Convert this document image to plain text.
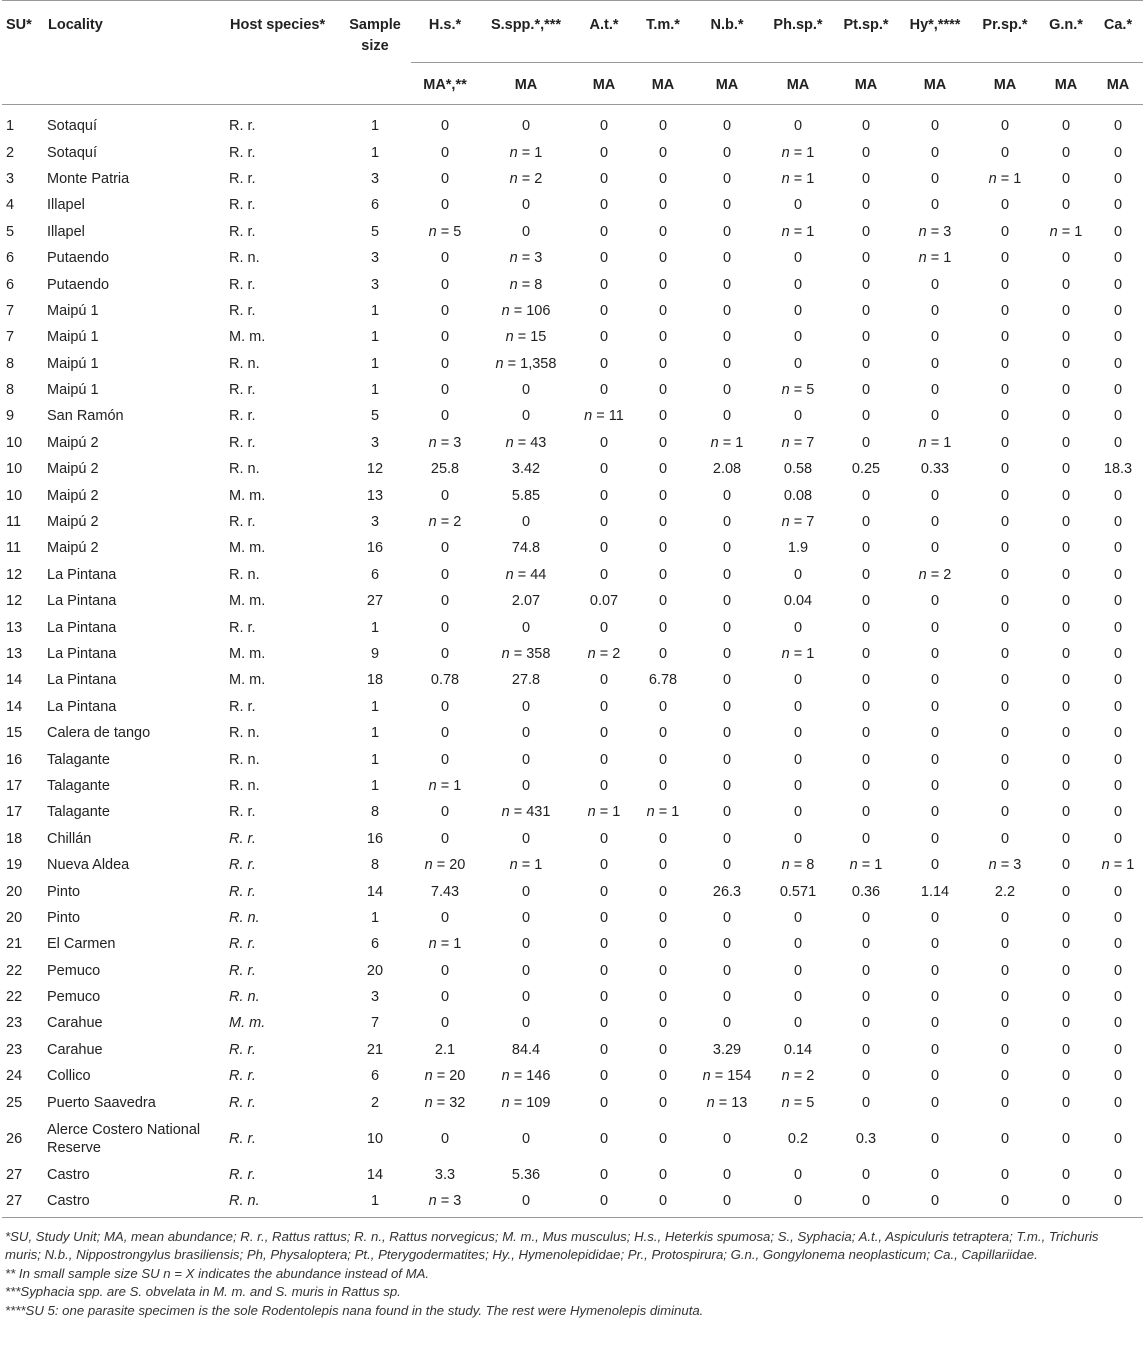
SU*	Locality	Host species*	Sample size	H.s.*	S.spp.*,***	A.t.*	T.m.*	N.b.*	Ph.sp.*	Pt.sp.*	Hy*,****	Pr.sp.*	G.n.*	Ca.*
				MA*,**	MA	MA	MA	MA	MA	MA	MA	MA	MA	MA
1	Sotaquí	R. r.	1	0	0	0	0	0	0	0	0	0	0	0
2	Sotaquí	R. r.	1	0	n = 1	0	0	0	n = 1	0	0	0	0	0
3	Monte Patria	R. r.	3	0	n = 2	0	0	0	n = 1	0	0	n = 1	0	0
4	Illapel	R. r.	6	0	0	0	0	0	0	0	0	0	0	0
5	Illapel	R. r.	5	n = 5	0	0	0	0	n = 1	0	n = 3	0	n = 1	0
6	Putaendo	R. n.	3	0	n = 3	0	0	0	0	0	n = 1	0	0	0
6	Putaendo	R. r.	3	0	n = 8	0	0	0	0	0	0	0	0	0
7	Maipú 1	R. r.	1	0	n = 106	0	0	0	0	0	0	0	0	0
7	Maipú 1	M. m.	1	0	n = 15	0	0	0	0	0	0	0	0	0
8	Maipú 1	R. n.	1	0	n = 1,358	0	0	0	0	0	0	0	0	0
8	Maipú 1	R. r.	1	0	0	0	0	0	n = 5	0	0	0	0	0
9	San Ramón	R. r.	5	0	0	n = 11	0	0	0	0	0	0	0	0
10	Maipú 2	R. r.	3	n = 3	n = 43	0	0	n = 1	n = 7	0	n = 1	0	0	0
10	Maipú 2	R. n.	12	25.8	3.42	0	0	2.08	0.58	0.25	0.33	0	0	18.3
10	Maipú 2	M. m.	13	0	5.85	0	0	0	0.08	0	0	0	0	0
11	Maipú 2	R. r.	3	n = 2	0	0	0	0	n = 7	0	0	0	0	0
11	Maipú 2	M. m.	16	0	74.8	0	0	0	1.9	0	0	0	0	0
12	La Pintana	R. n.	6	0	n = 44	0	0	0	0	0	n = 2	0	0	0
12	La Pintana	M. m.	27	0	2.07	0.07	0	0	0.04	0	0	0	0	0
13	La Pintana	R. r.	1	0	0	0	0	0	0	0	0	0	0	0
13	La Pintana	M. m.	9	0	n = 358	n = 2	0	0	n = 1	0	0	0	0	0
14	La Pintana	M. m.	18	0.78	27.8	0	6.78	0	0	0	0	0	0	0
14	La Pintana	R. r.	1	0	0	0	0	0	0	0	0	0	0	0
15	Calera de tango	R. n.	1	0	0	0	0	0	0	0	0	0	0	0
16	Talagante	R. n.	1	0	0	0	0	0	0	0	0	0	0	0
17	Talagante	R. n.	1	n = 1	0	0	0	0	0	0	0	0	0	0
17	Talagante	R. r.	8	0	n = 431	n = 1	n = 1	0	0	0	0	0	0	0
18	Chillán	R. r.	16	0	0	0	0	0	0	0	0	0	0	0
19	Nueva Aldea	R. r.	8	n = 20	n = 1	0	0	0	n = 8	n = 1	0	n = 3	0	n = 1
20	Pinto	R. r.	14	7.43	0	0	0	26.3	0.571	0.36	1.14	2.2	0	0
20	Pinto	R. n.	1	0	0	0	0	0	0	0	0	0	0	0
21	El Carmen	R. r.	6	n = 1	0	0	0	0	0	0	0	0	0	0
22	Pemuco	R. r.	20	0	0	0	0	0	0	0	0	0	0	0
22	Pemuco	R. n.	3	0	0	0	0	0	0	0	0	0	0	0
23	Carahue	M. m.	7	0	0	0	0	0	0	0	0	0	0	0
23	Carahue	R. r.	21	2.1	84.4	0	0	3.29	0.14	0	0	0	0	0
24	Collico	R. r.	6	n = 20	n = 146	0	0	n = 154	n = 2	0	0	0	0	0
25	Puerto Saavedra	R. r.	2	n = 32	n = 109	0	0	n = 13	n = 5	0	0	0	0	0
26	Alerce Costero National Reserve	R. r.	10	0	0	0	0	0	0.2	0.3	0	0	0	0
27	Castro	R. r.	14	3.3	5.36	0	0	0	0	0	0	0	0	0
27	Castro	R. n.	1	n = 3	0	0	0	0	0	0	0	0	0	0

*SU, Study Unit; MA, mean abundance; R. r., Rattus rattus; R. n., Rattus norvegicus; M. m., Mus musculus; H.s., Heterkis spumosa; S., Syphacia; A.t., Aspiculuris tetraptera; T.m., Trichuris muris; N.b., Nippostrongylus brasiliensis; Ph, Physaloptera; Pt., Pterygodermatites; Hy., Hymenolepididae; Pr., Protospirura; G.n., Gongylonema neoplasticum; Ca., Capillariidae.

** In small sample size SU n = X indicates the abundance instead of MA.

***Syphacia spp. are S. obvelata in M. m. and S. muris in Rattus sp.

****SU 5: one parasite specimen is the sole Rodentolepis nana found in the study. The rest were Hymenolepis diminuta.
